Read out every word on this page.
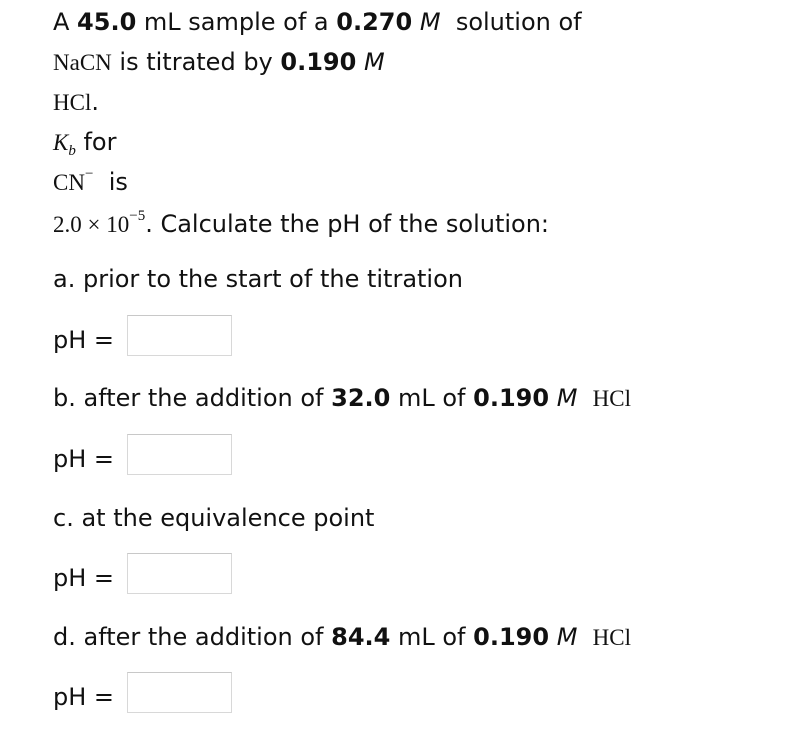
A 45.0 mL sample of a 0.270 M  solution of
NaCN is titrated by 0.190 M
HCl.
$K_b$ for
CN− is
$2.0 \times 10^{-5}$. Calculate the pH of the solution:
a. prior to the start of the titration
pH =
b. after the addition of 32.0 mL of 0.190 M HCl
pH =
c. at the equivalence point
pH =
d. after the addition of 84.4 mL of 0.190 M HCl
pH =
